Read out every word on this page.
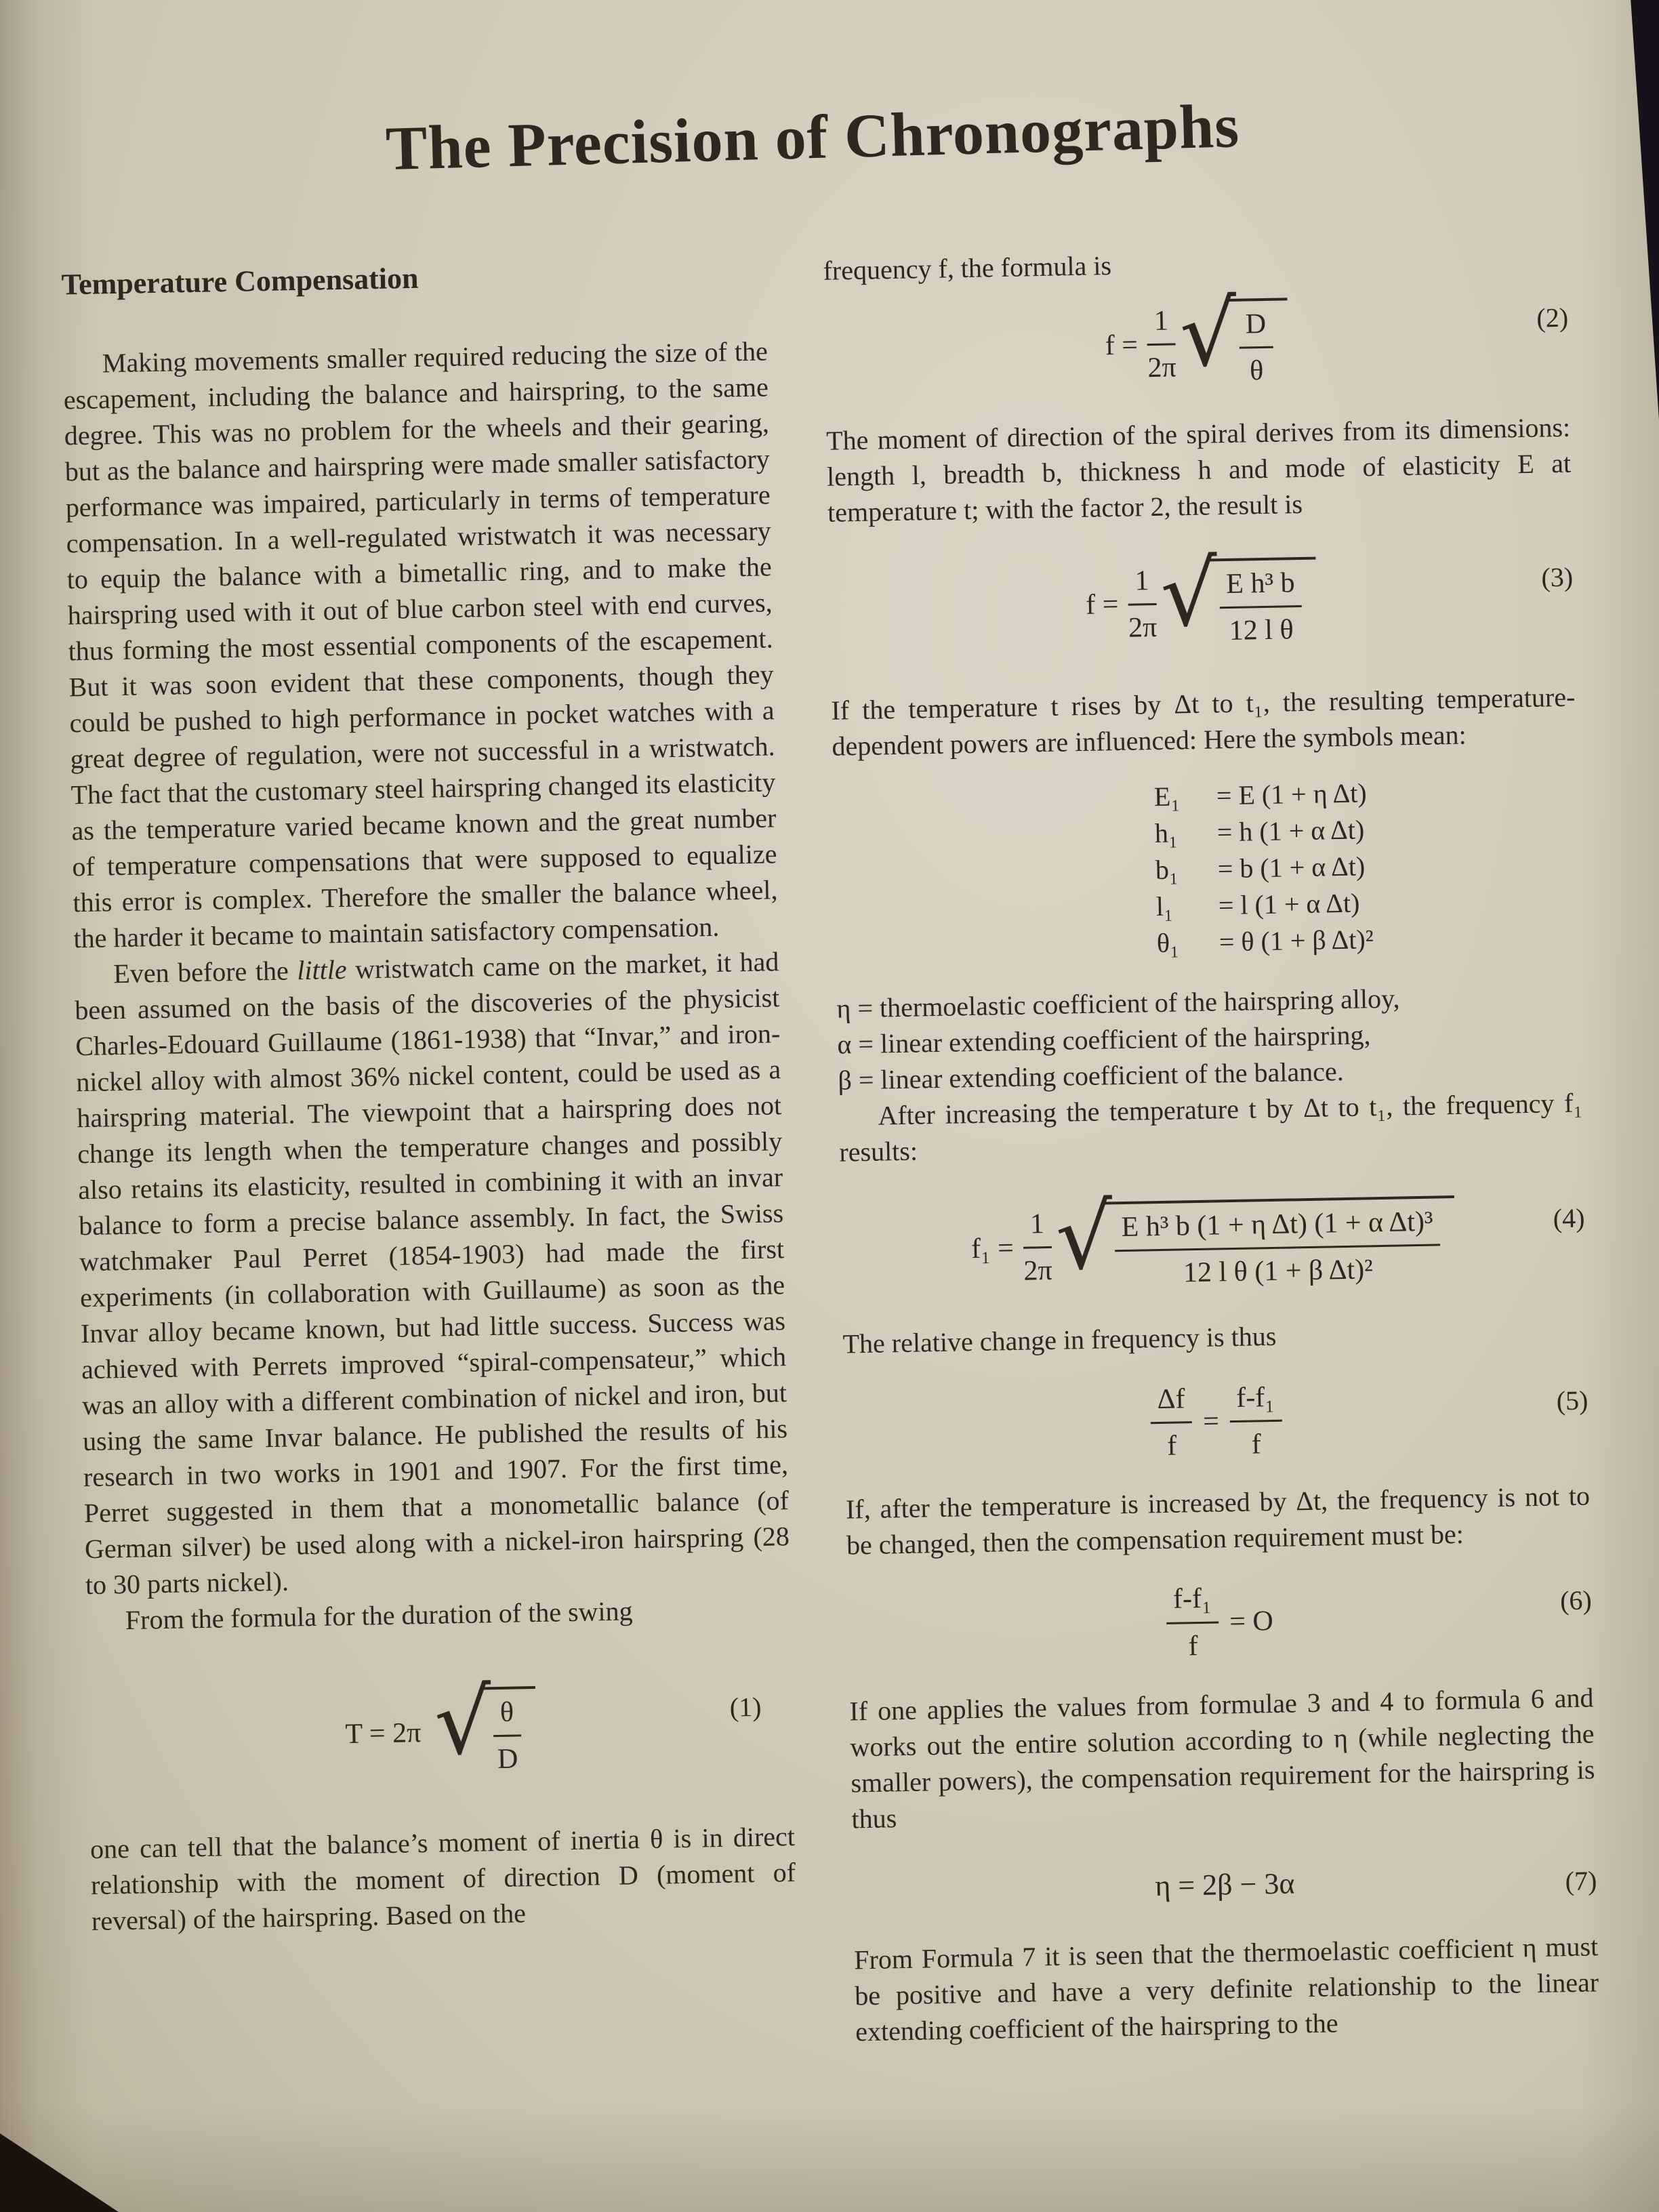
The Precision of Chronographs
Temperature Compensation

Making movements smaller required reducing the size of the escapement, including the balance and hairspring, to the same degree. This was no problem for the wheels and their gearing, but as the balance and hairspring were made smaller satisfactory performance was impaired, particularly in terms of temperature compensation. In a well-regulated wristwatch it was necessary to equip the balance with a bimetallic ring, and to make the hairspring used with it out of blue carbon steel with end curves, thus forming the most essential components of the escapement. But it was soon evident that these components, though they could be pushed to high performance in pocket watches with a great degree of regulation, were not successful in a wristwatch. The fact that the customary steel hairspring changed its elasticity as the temperature varied became known and the great number of temperature compensations that were supposed to equalize this error is complex. Therefore the smaller the balance wheel, the harder it became to maintain satisfactory compensation.

Even before the little wristwatch came on the market, it had been assumed on the basis of the discoveries of the physicist Charles-Edouard Guillaume (1861-1938) that “Invar,” and iron-nickel alloy with almost 36% nickel content, could be used as a hairspring material. The viewpoint that a hairspring does not change its length when the temperature changes and possibly also retains its elasticity, resulted in combining it with an invar balance to form a precise balance assembly. In fact, the Swiss watchmaker Paul Perret (1854-1903) had made the first experiments (in collaboration with Guillaume) as soon as the Invar alloy became known, but had little success. Success was achieved with Perrets improved “spiral-compensateur,” which was an alloy with a different combination of nickel and iron, but using the same Invar balance. He published the results of his research in two works in 1901 and 1907. For the first time, Perret suggested in them that a monometallic balance (of German silver) be used along with a nickel-iron hairspring (28 to 30 parts nickel).

From the formula for the duration of the swing

T = 2π √ $\frac{\theta}{D}$	(1)

one can tell that the balance’s moment of inertia θ is in direct relationship with the moment of direction D (moment of reversal) of the hairspring. Based on the

frequency f, the formula is

$f = \frac{1}{2\pi}$ √ $\frac{D}{\theta}$	(2)

The moment of direction of the spiral derives from its dimensions: length l, breadth b, thickness h and mode of elasticity E at temperature t; with the factor 2, the result is

$f = \frac{1}{2\pi}$ √ $\frac{\text{E h³ b}}{\text{12 l θ}}$	(3)

If the temperature t rises by Δt to t₁, the resulting temperature-dependent powers are influenced: Here the symbols mean:

E₁	= E (1 + η Δt)
h₁	= h (1 + α Δt)
b₁	= b (1 + α Δt)
l₁	= l (1 + α Δt)
θ₁	= θ (1 + β Δt)²

η = thermoelastic coefficient of the hairspring alloy,

α = linear extending coefficient of the hairspring,

β = linear extending coefficient of the balance.

After increasing the temperature t by Δt to t₁, the frequency f₁ results:

$f_1 = \frac{1}{2\pi}$ √ $\frac{\text{E h³ b (1 + η Δt) (1 + α Δt)³}}{\text{12 l θ (1 + β Δt)²}}$	(4)

The relative change in frequency is thus

$\frac{\Delta f}{f} = \frac{\text{f-f₁}}{f}$	(5)

If, after the temperature is increased by Δt, the frequency is not to be changed, then the compensation requirement must be:

$\frac{\text{f-f₁}}{f} = O$
(6)

If one applies the values from formulae 3 and 4 to formula 6 and works out the entire solution according to η (while neglecting the smaller powers), the compensation requirement for the hairspring is thus

η = 2β − 3α	(7)

From Formula 7 it is seen that the thermoelastic coefficient η must be positive and have a very definite relationship to the linear extending coefficient of the hairspring to the
